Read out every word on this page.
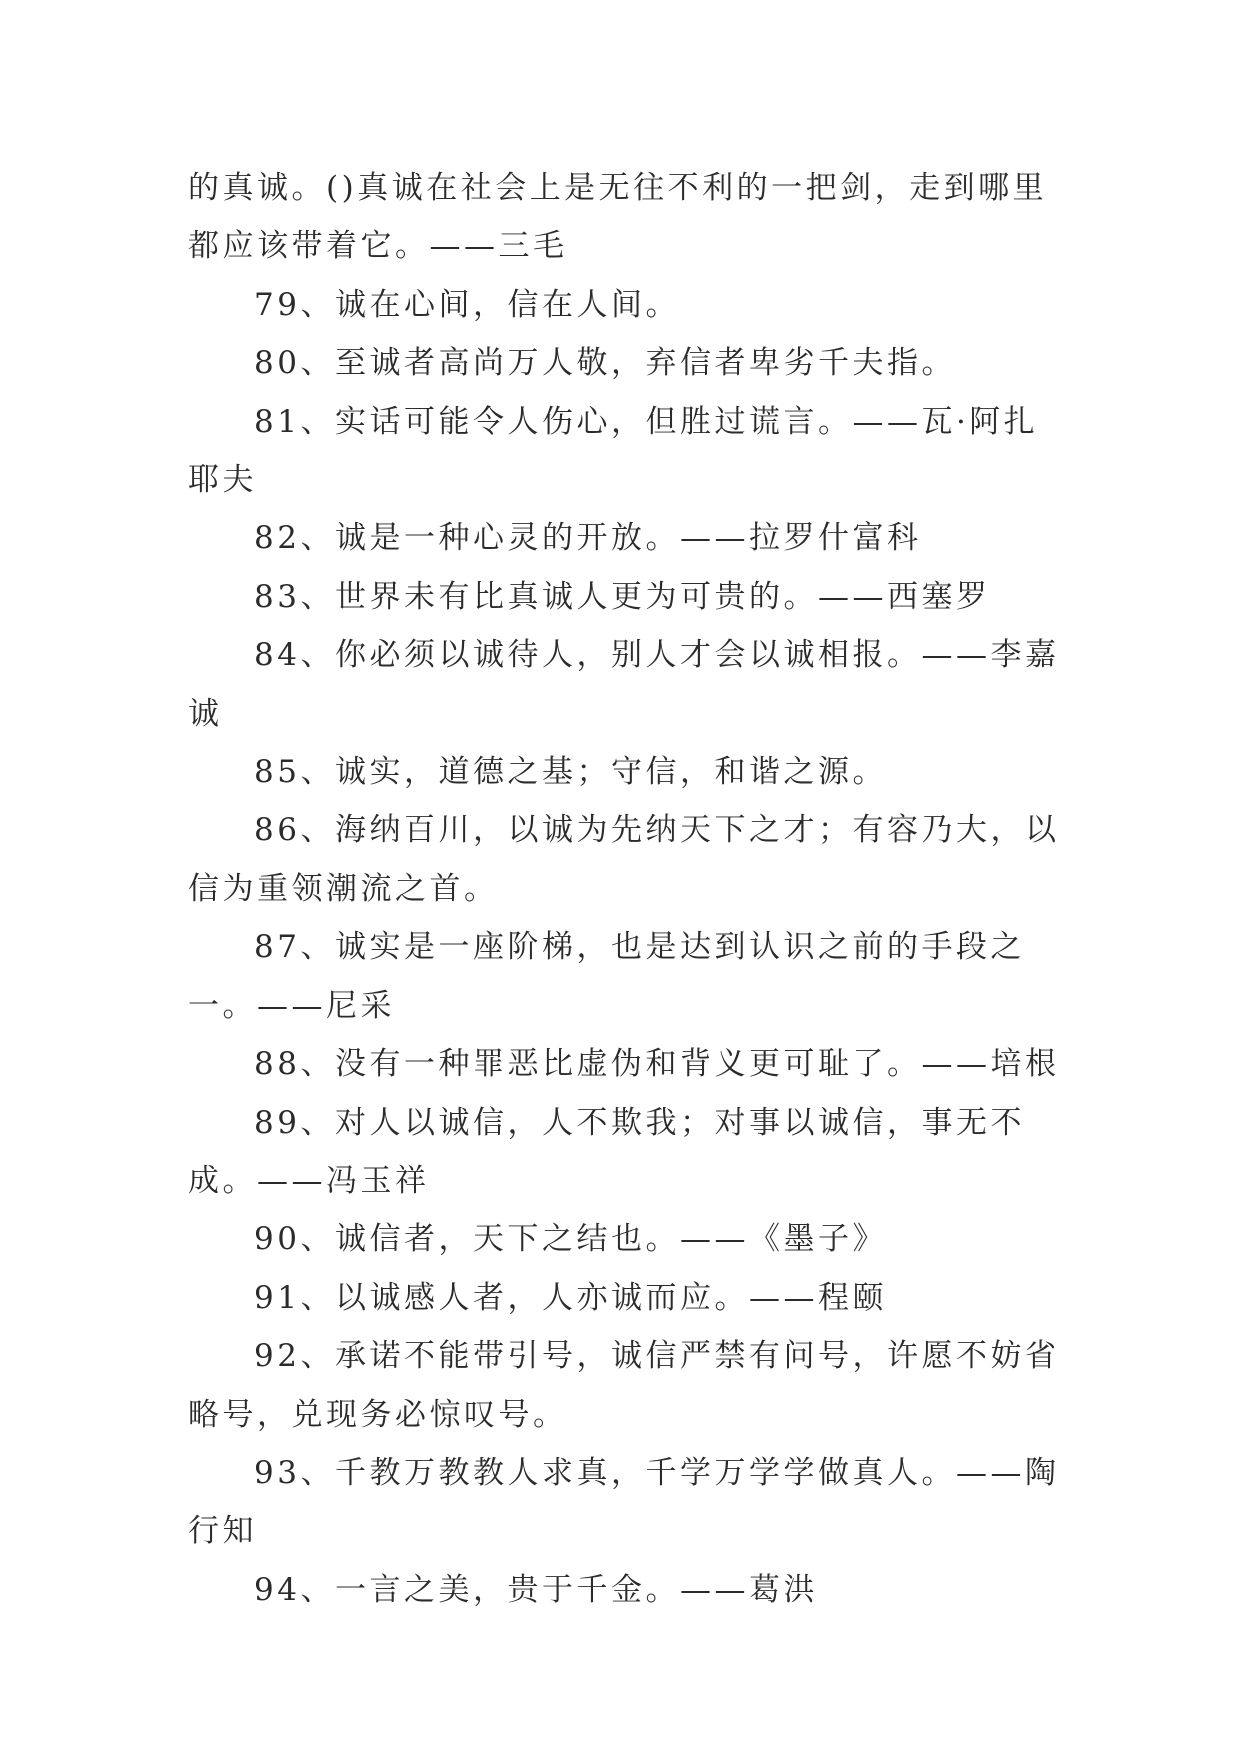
的真诚。()真诚在社会上是无往不利的一把剑，走到哪里都应该带着它。——三毛

79、诚在心间，信在人间。

80、至诚者高尚万人敬，弃信者卑劣千夫指。

81、实话可能令人伤心，但胜过谎言。——瓦·阿扎耶夫

82、诚是一种心灵的开放。——拉罗什富科

83、世界未有比真诚人更为可贵的。——西塞罗

84、你必须以诚待人，别人才会以诚相报。——李嘉诚

85、诚实，道德之基；守信，和谐之源。

86、海纳百川，以诚为先纳天下之才；有容乃大，以信为重领潮流之首。

87、诚实是一座阶梯，也是达到认识之前的手段之一。——尼采

88、没有一种罪恶比虚伪和背义更可耻了。——培根

89、对人以诚信，人不欺我；对事以诚信，事无不成。——冯玉祥

90、诚信者，天下之结也。——《墨子》

91、以诚感人者，人亦诚而应。——程颐

92、承诺不能带引号，诚信严禁有问号，许愿不妨省略号，兑现务必惊叹号。

93、千教万教教人求真，千学万学学做真人。——陶行知

94、一言之美，贵于千金。——葛洪
